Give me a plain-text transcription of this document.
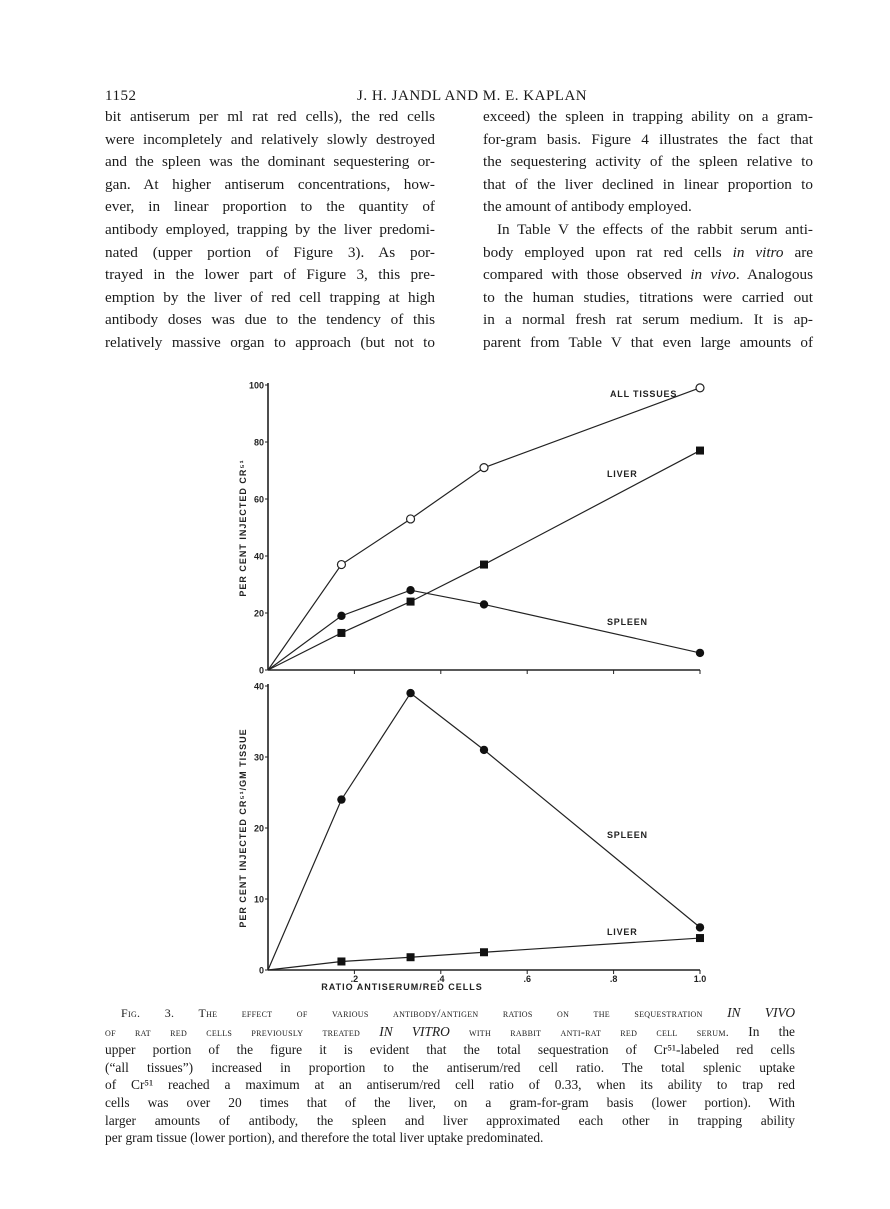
1152	J. H. JANDL AND M. E. KAPLAN
bit antiserum per ml rat red cells), the red cells
were incompletely and relatively slowly destroyed
and the spleen was the dominant sequestering or-
gan. At higher antiserum concentrations, how-
ever, in linear proportion to the quantity of
antibody employed, trapping by the liver predomi-
nated (upper portion of Figure 3). As por-
trayed in the lower part of Figure 3, this pre-
emption by the liver of red cell trapping at high
antibody doses was due to the tendency of this
relatively massive organ to approach (but not to
exceed) the spleen in trapping ability on a gram-
for-gram basis. Figure 4 illustrates the fact that
the sequestering activity of the spleen relative to
that of the liver declined in linear proportion to
the amount of antibody employed.
In Table V the effects of the rabbit serum anti-
body employed upon rat red cells in vitro are
compared with those observed in vivo. Analogous
to the human studies, titrations were carried out
in a normal fresh rat serum medium. It is ap-
parent from Table V that even large amounts of
0
20
40
60
80
100
PER CENT INJECTED CR⁵¹
ALL TISSUES
LIVER
SPLEEN
0
10
20
30
40
.2	.4	.6	.8	1.0
PER CENT INJECTED CR⁵¹/GM TISSUE
RATIO ANTISERUM/RED CELLS
SPLEEN
LIVER
Fig. 3. The effect of various antibody/antigen ratios on the sequestration IN VIVO
of rat red cells previously treated IN VITRO with rabbit anti-rat red cell serum. In the
upper portion of the figure it is evident that the total sequestration of Cr⁵¹-labeled red cells
(“all tissues”) increased in proportion to the antiserum/red cell ratio. The total splenic uptake
of Cr⁵¹ reached a maximum at an antiserum/red cell ratio of 0.33, when its ability to trap red
cells was over 20 times that of the liver, on a gram-for-gram basis (lower portion). With
larger amounts of antibody, the spleen and liver approximated each other in trapping ability
per gram tissue (lower portion), and therefore the total liver uptake predominated.
